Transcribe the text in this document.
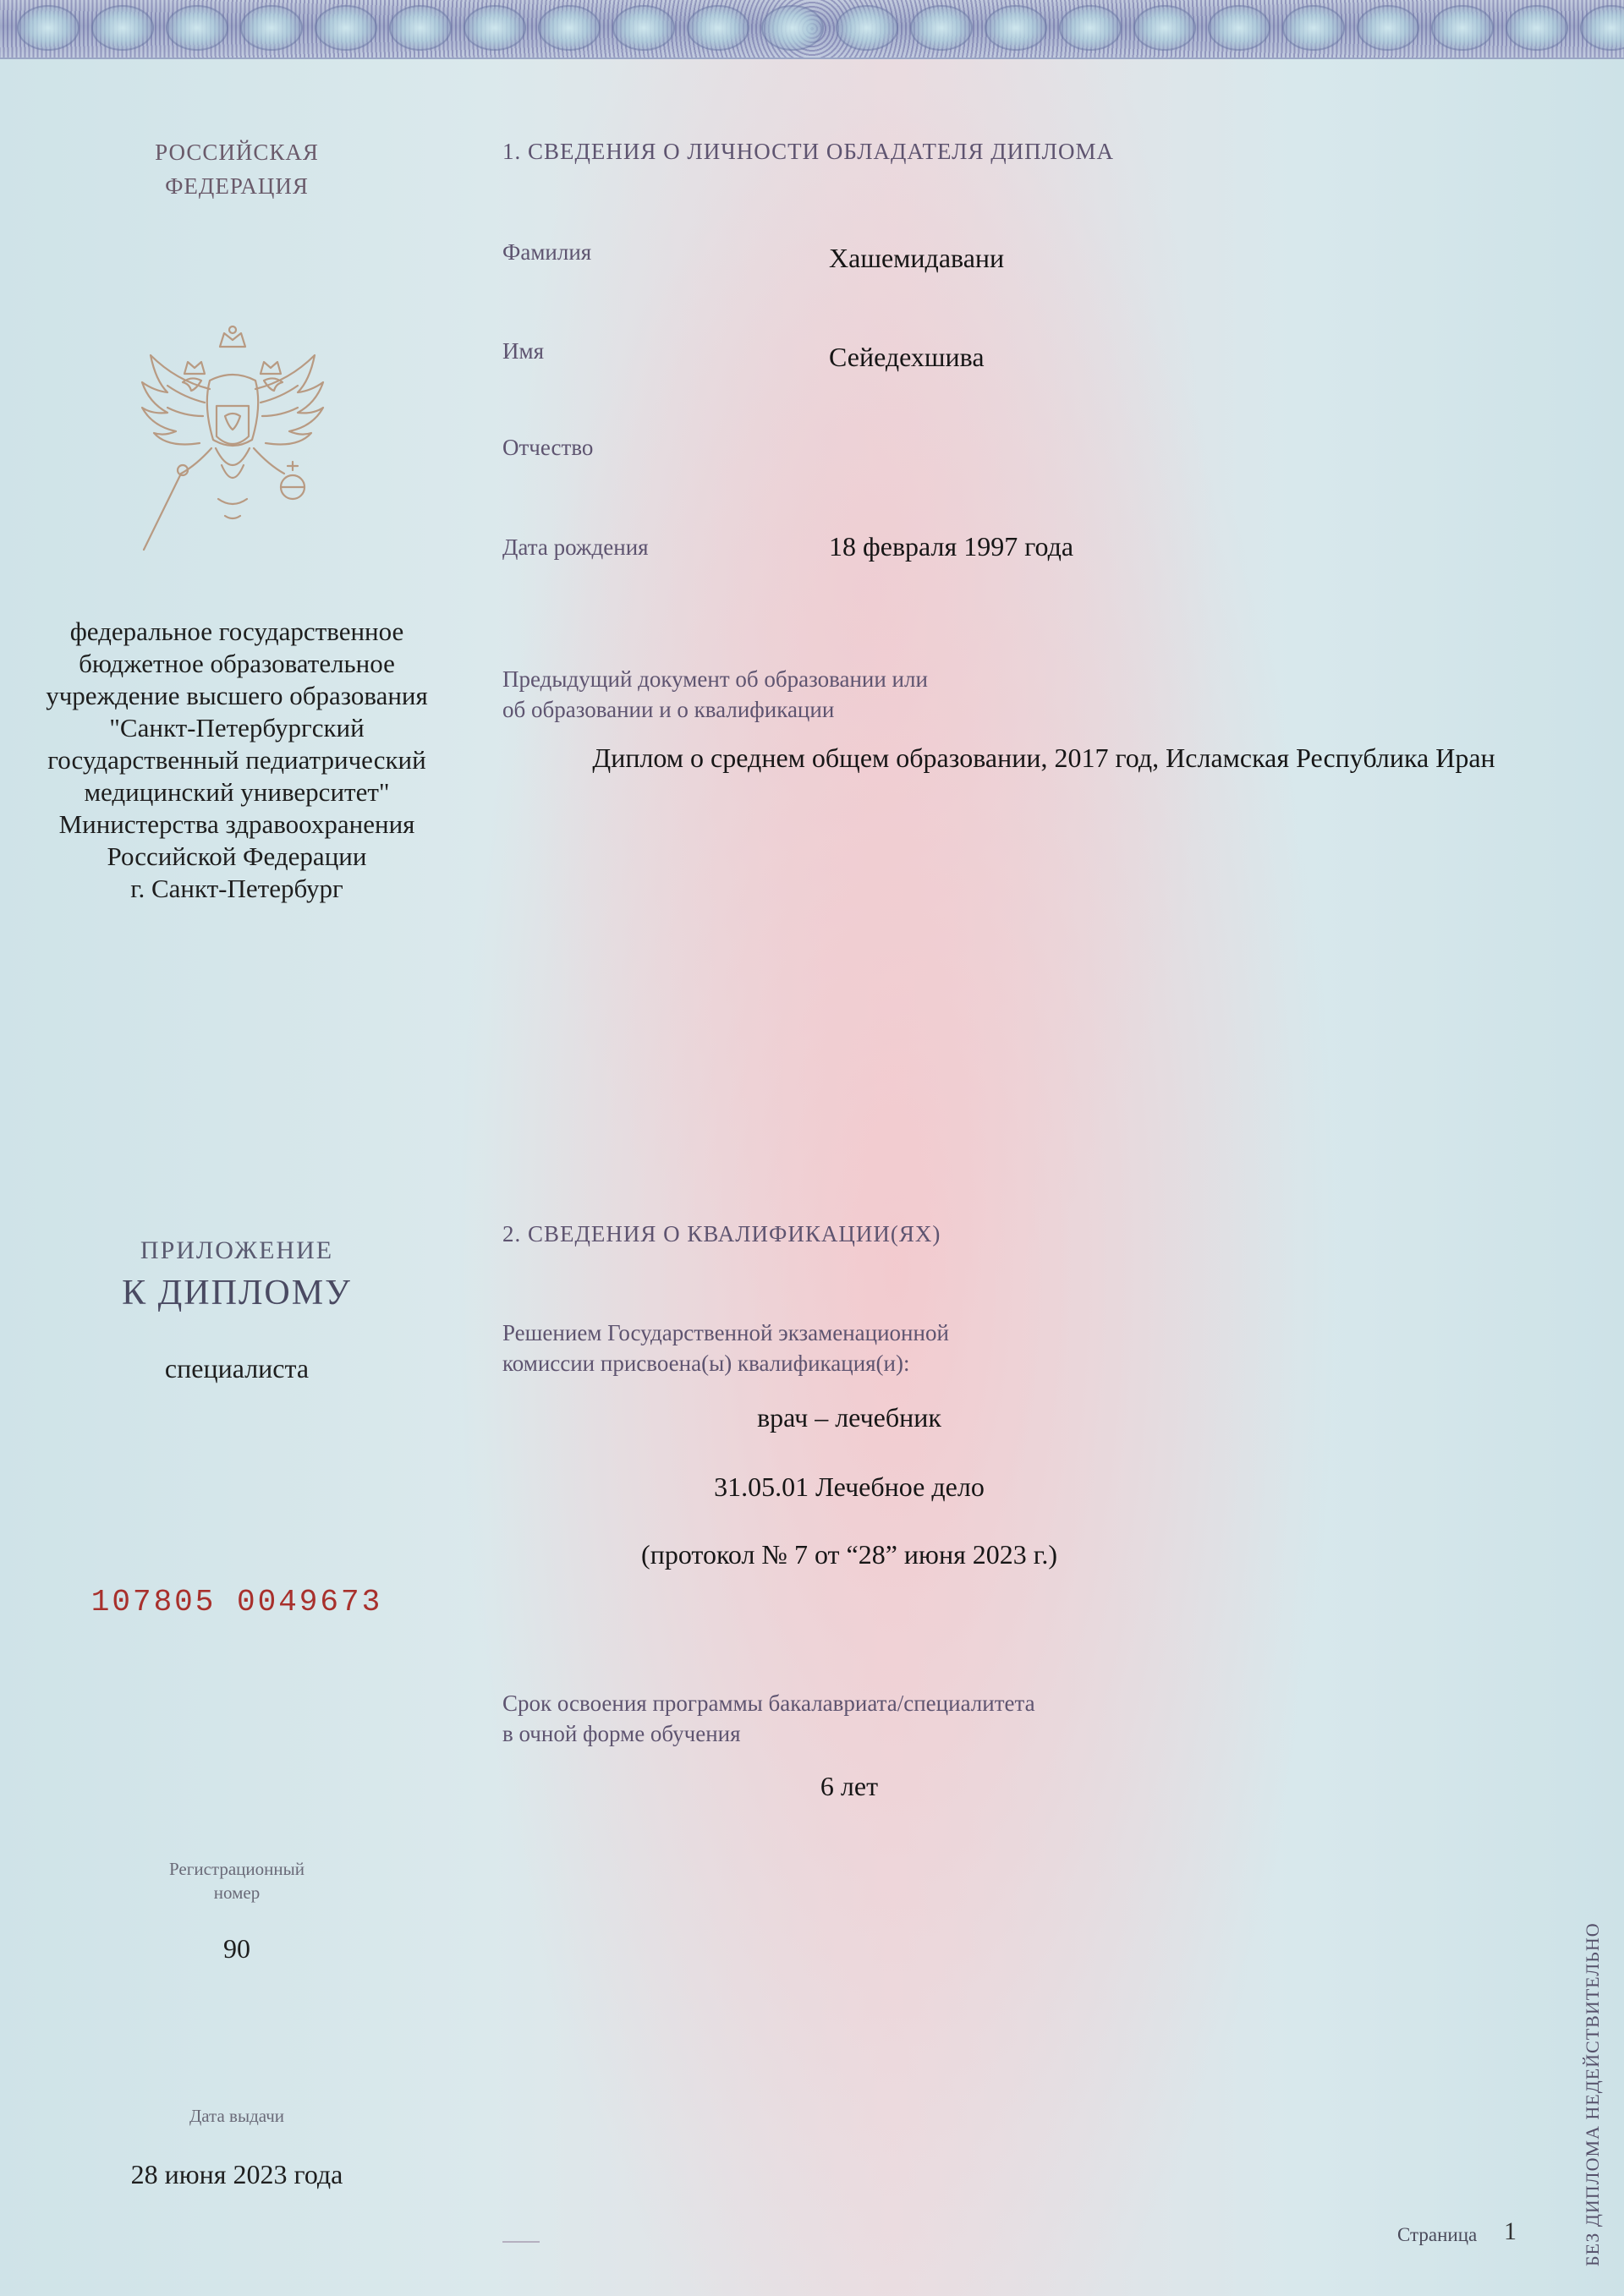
РОССИЙСКАЯ
ФЕДЕРАЦИЯ
федеральное государственное
бюджетное образовательное
учреждение высшего образования
"Санкт-Петербургский
государственный педиатрический
медицинский университет"
Министерства здравоохранения
Российской Федерации
г. Санкт-Петербург
ПРИЛОЖЕНИЕ
К ДИПЛОМУ
специалиста
107805 0049673
Регистрационный
номер
90
Дата выдачи
28 июня 2023 года
1. СВЕДЕНИЯ О ЛИЧНОСТИ ОБЛАДАТЕЛЯ ДИПЛОМА
Фамилия	Хашемидавани
Имя	Сейедехшива
Отчество
Дата рождения	18 февраля 1997 года
Предыдущий документ об образовании или
об образовании и о квалификации
Диплом о среднем общем образовании, 2017 год, Исламская Республика Иран
2. СВЕДЕНИЯ О КВАЛИФИКАЦИИ(ЯХ)
Решением Государственной экзаменационной
комиссии присвоена(ы) квалификация(и):
врач – лечебник
31.05.01 Лечебное дело
(протокол № 7 от “28” июня 2023 г.)
Срок освоения программы бакалавриата/специалитета
в очной форме обучения
6 лет
БЕЗ ДИПЛОМА НЕДЕЙСТВИТЕЛЬНО
Страница 1
